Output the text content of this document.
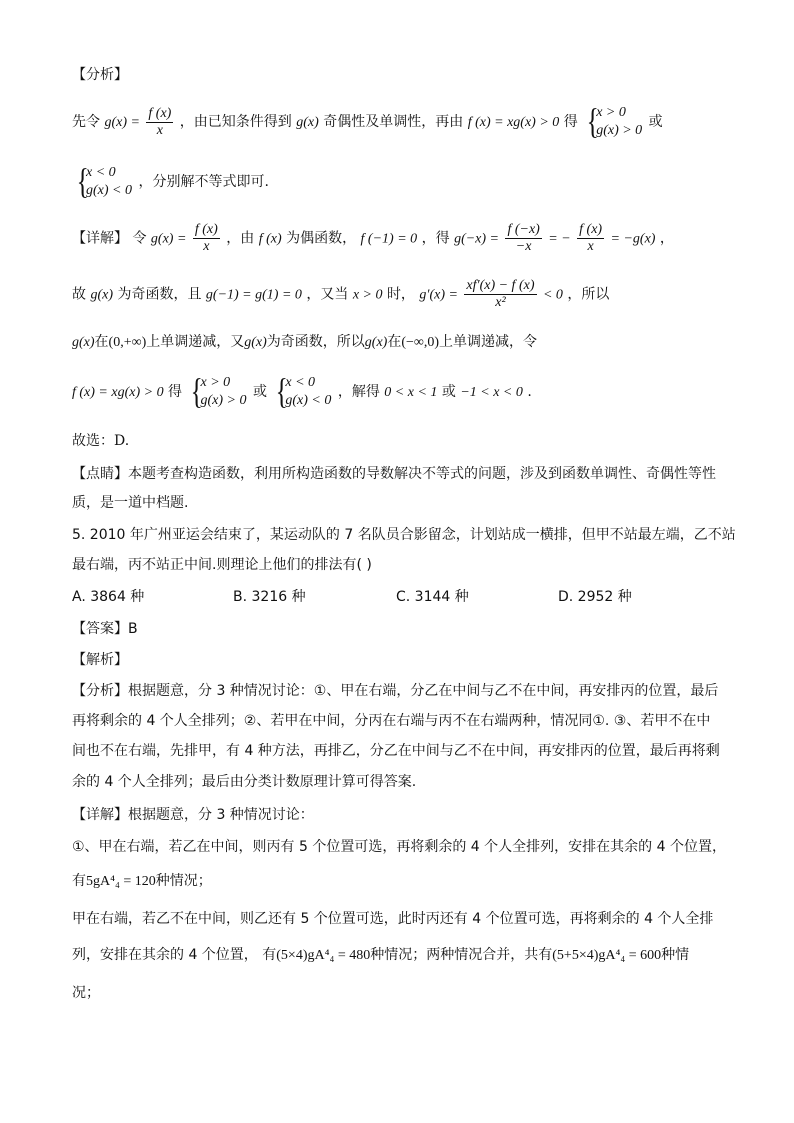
【分析】
先令 $g(x) = \frac{f (x)}{x}$ ，由已知条件得到 g(x) 奇偶性及单调性，再由 f (x) = xg(x) > 0 得 {
x > 0
g(x) > 0
或
{
x < 0
g(x) < 0
，分别解不等式即可.
【详解】 令 $g(x) = \frac{f (x)}{x}$ ，由 f (x) 为偶函数， f (−1) = 0 ，得 $g(-x) = \frac{f (-x)}{-x}$ = − $\frac{f (x)}{x} = -g(x)$ ，
故 g(x) 为奇函数，且 g(−1) = g(1) = 0 ，又当 x > 0 时， $g'(x) = \frac{xf'(x) - f (x)}{\text{x²}} < 0$ ，所以
g(x)在(0,+∞)上单调递减，又g(x)为奇函数，所以g(x)在(−∞,0)上单调递减，令
f (x) = xg(x) > 0 得 {
x > 0
g(x) > 0
或 {
x < 0
g(x) < 0
，解得 0 < x < 1 或 −1 < x < 0 .
故选：D.
【点睛】本题考查构造函数，利用所构造函数的导数解决不等式的问题，涉及到函数单调性、奇偶性等性
质，是一道中档题.
5. 2010 年广州亚运会结束了，某运动队的 7 名队员合影留念，计划站成一横排，但甲不站最左端，乙不站
最右端，丙不站正中间.则理论上他们的排法有( )
A. 3864 种	B. 3216 种	C. 3144 种	D. 2952 种
【答案】B
【解析】
【分析】根据题意，分 3 种情况讨论：①、甲在右端，分乙在中间与乙不在中间，再安排丙的位置，最后
再将剩余的 4 个人全排列；②、若甲在中间，分丙在右端与丙不在右端两种，情况同①. ③、若甲不在中
间也不在右端，先排甲，有 4 种方法，再排乙，分乙在中间与乙不在中间，再安排丙的位置，最后再将剩
余的 4 个人全排列；最后由分类计数原理计算可得答案.
【详解】根据题意，分 3 种情况讨论：
①、甲在右端，若乙在中间，则丙有 5 个位置可选，再将剩余的 4 个人全排列，安排在其余的 4 个位置，
有5gA⁴₄ = 120种情况；
甲在右端，若乙不在中间，则乙还有 5 个位置可选，此时丙还有 4 个位置可选，再将剩余的 4 个人全排
列，安排在其余的 4 个位置， 有(5×4)gA⁴₄ = 480种情况；两种情况合并，共有(5+5×4)gA⁴₄ = 600种情
况；
